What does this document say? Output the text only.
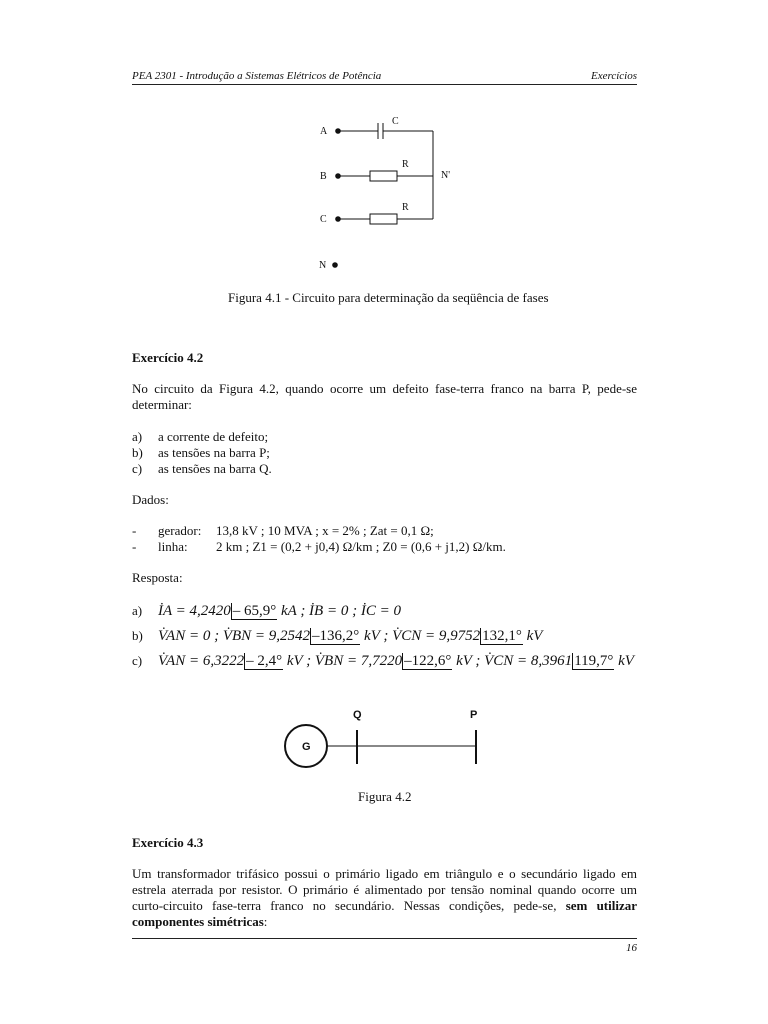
PEA 2301 - Introdução a Sistemas Elétricos de Potência	Exercícios
A
B
C
N
C
R
R
N'
Figura 4.1 - Circuito para determinação da seqüência de fases
Exercício 4.2
No circuito da Figura 4.2, quando ocorre um defeito fase-terra franco na barra P, pede-se
determinar:
a) a corrente de defeito;
b) as tensões na barra P;
c) as tensões na barra Q.
Dados:
- gerador: 13,8 kV ; 10 MVA ; x = 2% ; Zat = 0,1 Ω;
- linha: 2 km ; Z1 = (0,2 + j0,4) Ω/km ; Z0 = (0,6 + j1,2) Ω/km.
Resposta:
a) İA = 4,2420 – 65,9° kA ; İB = 0 ; İC = 0
b) V̇AN = 0 ; V̇BN = 9,2542 –136,2° kV ; V̇CN = 9,9752 132,1° kV
c) V̇AN = 6,3222 – 2,4° kV ; V̇BN = 7,7220 –122,6° kV ; V̇CN = 8,3961 119,7° kV
Q	P
G
Figura 4.2
Exercício 4.3
Um transformador trifásico possui o primário ligado em triângulo e o secundário ligado em
estrela aterrada por resistor. O primário é alimentado por tensão nominal quando ocorre um
curto-circuito fase-terra franco no secundário. Nessas condições, pede-se, sem utilizar
componentes simétricas:
16
